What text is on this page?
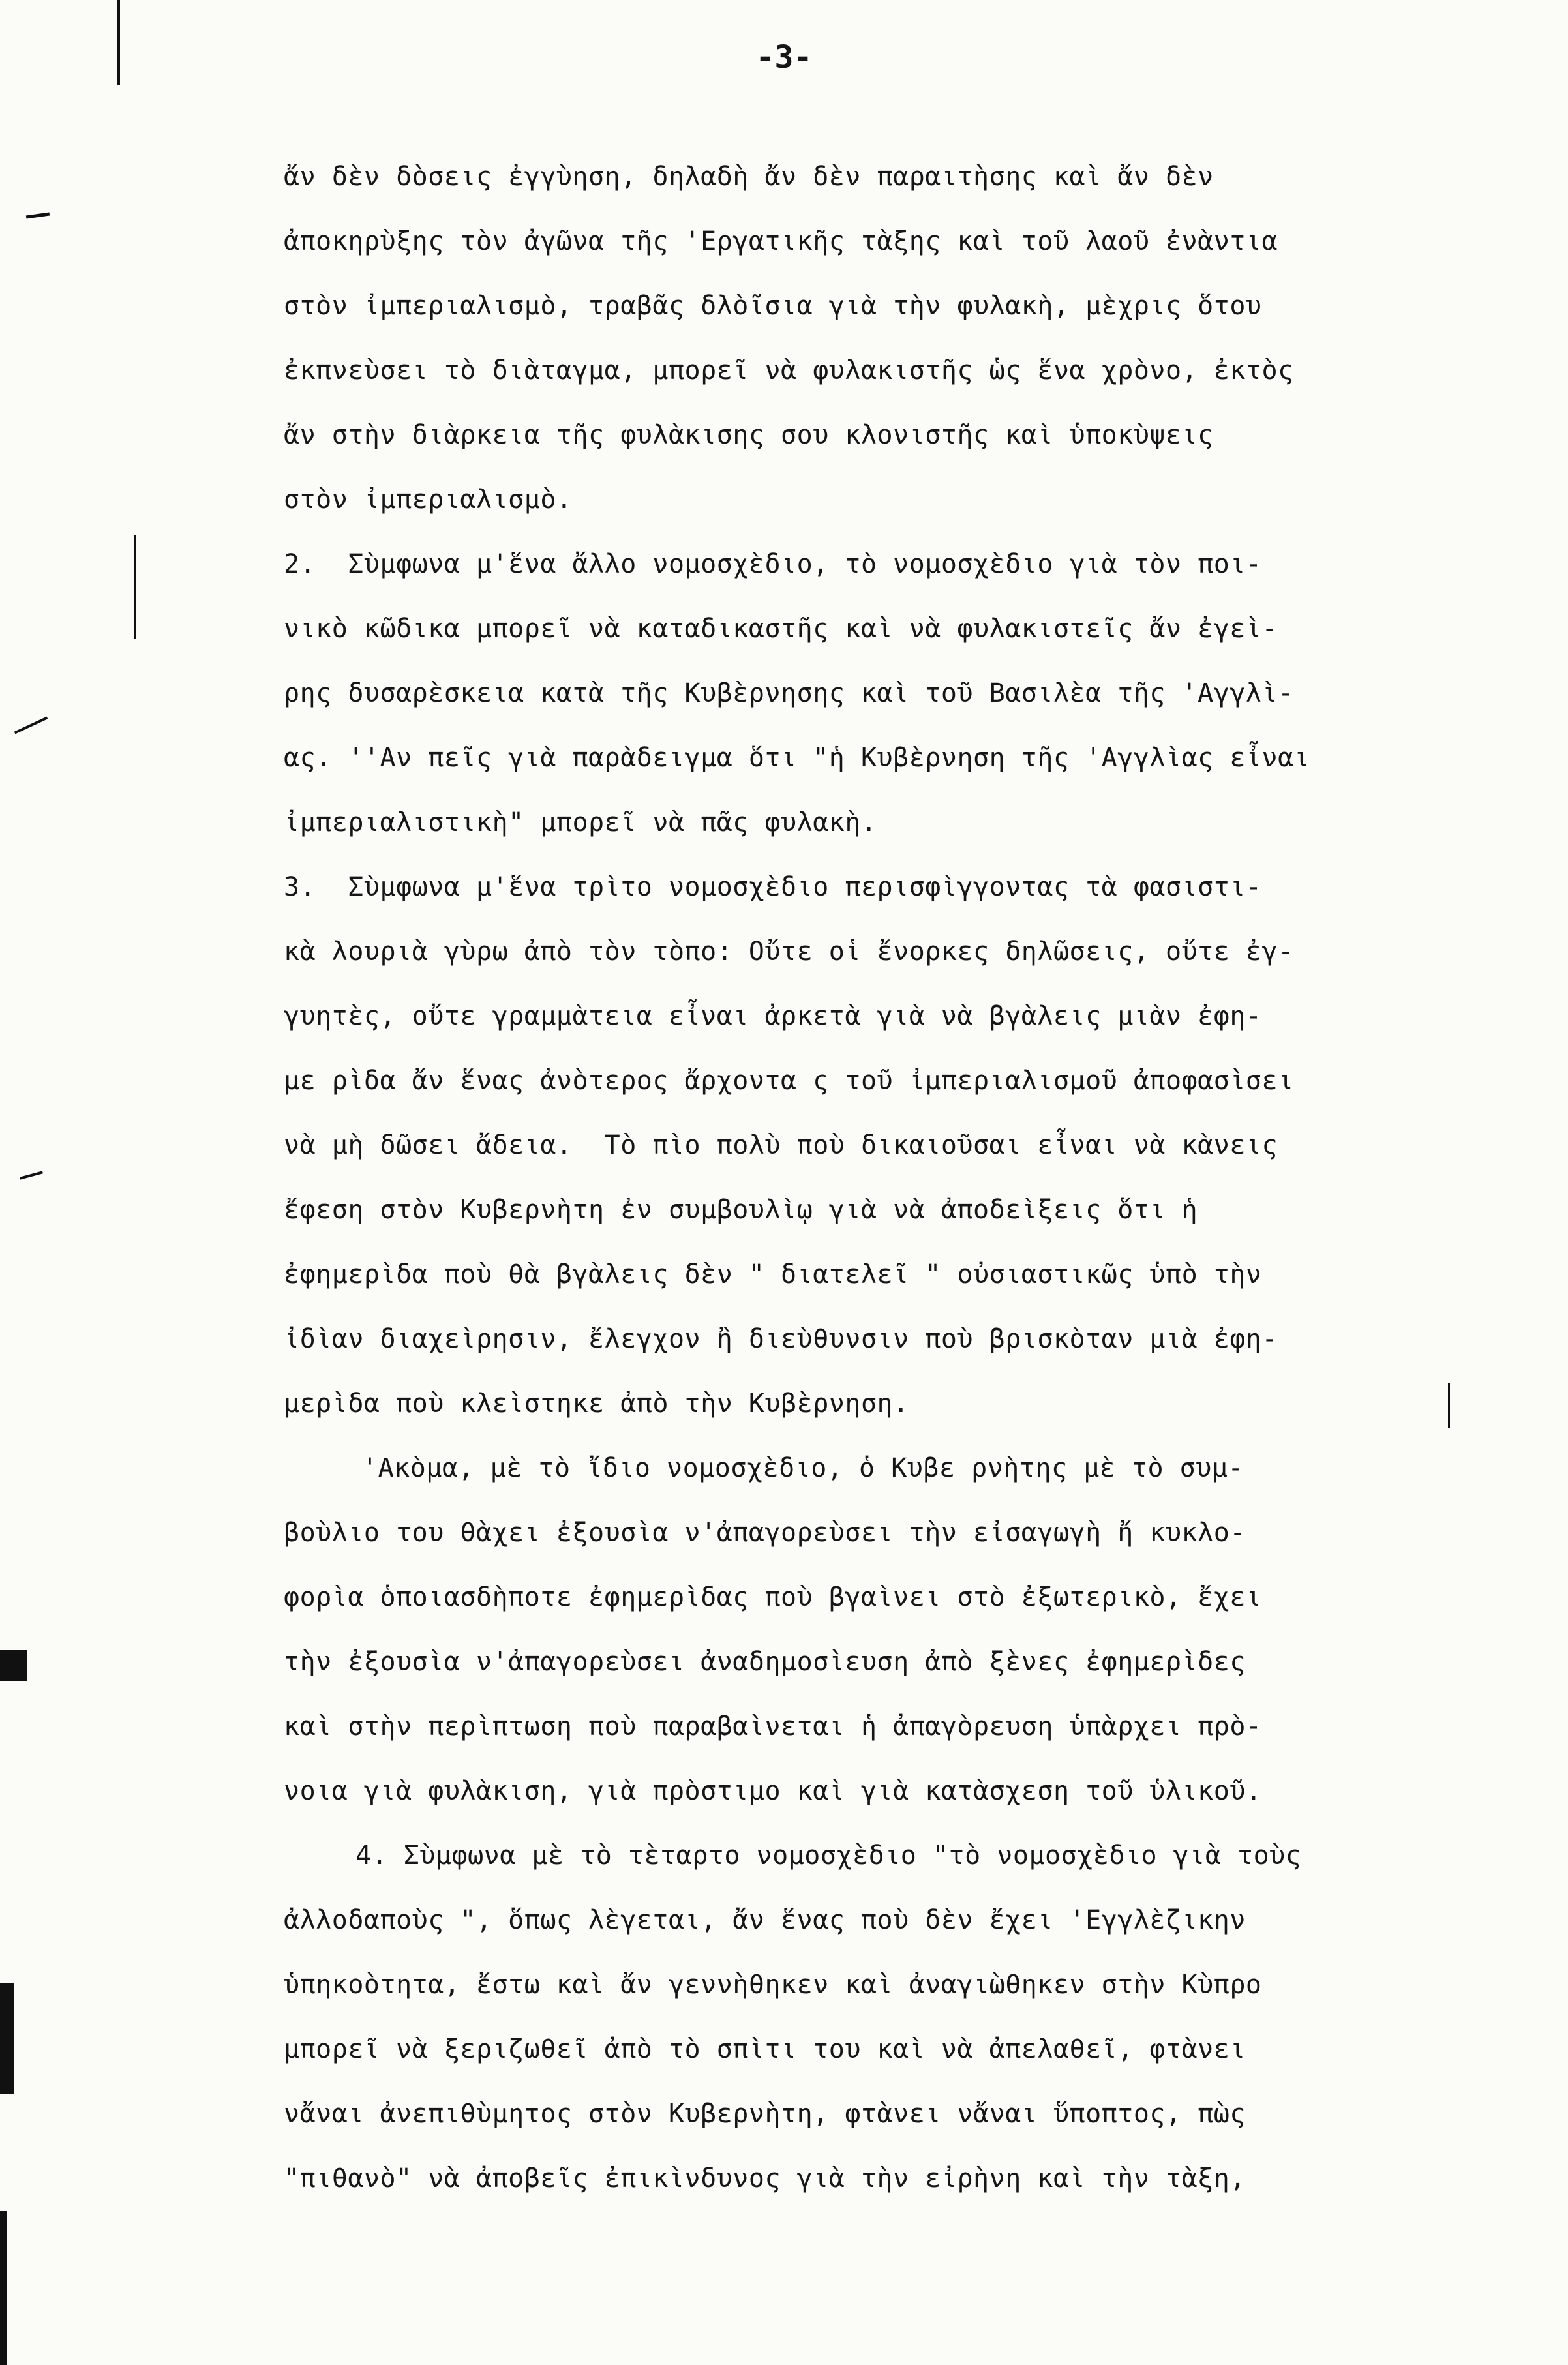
-3-
ἄν δὲν δὸσεις ἐγγὺηση, δηλαδὴ ἄν δὲν παραιτὴσης καὶ ἄν δὲν
ἀποκηρὺξης τὸν ἀγῶνα τῆς 'Εργατικῆς τὰξης καὶ τοῦ λαοῦ ἐνὰντια
στὸν ἰμπεριαλισμὸ, τραβᾶς δλὸῖσια γιὰ τὴν φυλακὴ, μὲχρις ὅτου
ἐκπνεὺσει τὸ διὰταγμα, μπορεῖ νὰ φυλακιστῆς ὡς ἕνα χρὸνο, ἐκτὸς
ἄν στὴν διὰρκεια τῆς φυλὰκισης σου κλονιστῆς καὶ ὑποκὺψεις
στὸν ἰμπεριαλισμὸ.
2.  Σὺμφωνα μ'ἕνα ἄλλο νομοσχὲδιο, τὸ νομοσχὲδιο γιὰ τὸν ποι-
νικὸ κῶδικα μπορεῖ νὰ καταδικαστῆς καὶ νὰ φυλακιστεῖς ἄν ἐγεὶ-
ρης δυσαρὲσκεια κατὰ τῆς Κυβὲρνησης καὶ τοῦ Βασιλὲα τῆς 'Αγγλὶ-
ας. ''Αν πεῖς γιὰ παρὰδειγμα ὅτι "ἡ Κυβὲρνηση τῆς 'Αγγλὶας εἶναι
ἰμπεριαλιστικὴ" μπορεῖ νὰ πᾶς φυλακὴ.
3.  Σὺμφωνα μ'ἕνα τρὶτο νομοσχὲδιο περισφὶγγοντας τὰ φασιστι-
κὰ λουριὰ γὺρω ἀπὸ τὸν τὸπο: Οὔτε οἱ ἔνορκες δηλῶσεις, οὔτε ἐγ-
γυητὲς, οὔτε γραμμὰτεια εἶναι ἀρκετὰ γιὰ νὰ βγὰλεις μιὰν ἐφη-
με ρὶδα ἄν ἕνας ἀνὸτερος ἄρχοντα ς τοῦ ἰμπεριαλισμοῦ ἀποφασὶσει
νὰ μὴ δῶσει ἄδεια.  Τὸ πὶο πολὺ ποὺ δικαιοῦσαι εἶναι νὰ κὰνεις
ἔφεση στὸν Κυβερνὴτη ἐν συμβουλὶῳ γιὰ νὰ ἀποδεὶξεις ὅτι ἡ
ἐφημερὶδα ποὺ θὰ βγὰλεις δὲν " διατελεῖ " οὐσιαστικῶς ὑπὸ τὴν
ἰδὶαν διαχεὶρησιν, ἔλεγχον ἢ διεὺθυνσιν ποὺ βρισκὸταν μιὰ ἐφη-
μερὶδα ποὺ κλεὶστηκε ἀπὸ τὴν Κυβὲρνηση.
'Ακὸμα, μὲ τὸ ἴδιο νομοσχὲδιο, ὁ Κυβε ρνὴτης μὲ τὸ συμ-
βοὺλιο του θὰχει ἐξουσὶα ν'ἀπαγορεὺσει τὴν εἰσαγωγὴ ἤ κυκλο-
φορὶα ὁποιασδὴποτε ἐφημερὶδας ποὺ βγαὶνει στὸ ἐξωτερικὸ, ἔχει
τὴν ἐξουσὶα ν'ἀπαγορεὺσει ἀναδημοσὶευση ἀπὸ ξὲνες ἐφημερὶδες
καὶ στὴν περὶπτωση ποὺ παραβαὶνεται ἡ ἀπαγὸρευση ὑπὰρχει πρὸ-
νοια γιὰ φυλὰκιση, γιὰ πρὸστιμο καὶ γιὰ κατὰσχεση τοῦ ὑλικοῦ.
4. Σὺμφωνα μὲ τὸ τὲταρτο νομοσχὲδιο "τὸ νομοσχὲδιο γιὰ τοὺς
ἀλλοδαποὺς ", ὅπως λὲγεται, ἄν ἕνας ποὺ δὲν ἔχει 'Εγγλὲζικην
ὑπηκοὸτητα, ἔστω καὶ ἄν γεννὴθηκεν καὶ ἀναγιὼθηκεν στὴν Κὺπρο
μπορεῖ νὰ ξεριζωθεῖ ἀπὸ τὸ σπὶτι του καὶ νὰ ἀπελαθεῖ, φτὰνει
νἄναι ἀνεπιθὺμητος στὸν Κυβερνὴτη, φτὰνει νἄναι ὕποπτος, πὼς
"πιθανὸ" νὰ ἀποβεῖς ἐπικὶνδυνος γιὰ τὴν εἰρὴνη καὶ τὴν τὰξη,
